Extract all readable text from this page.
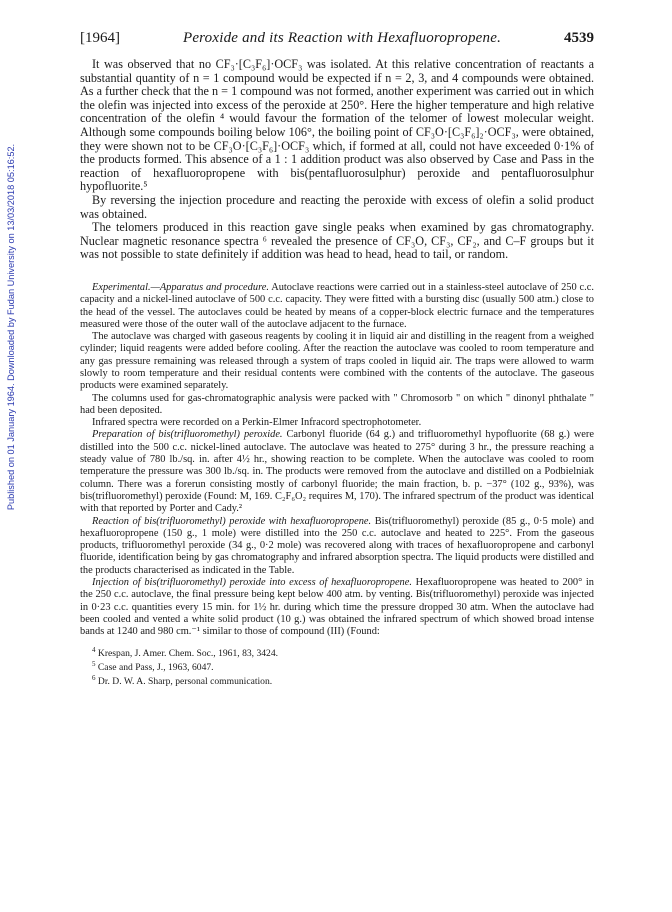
Published on 01 January 1964. Downloaded by Fudan University on 13/03/2018 05:16:52.
[1964]	Peroxide and its Reaction with Hexafluoropropene.	4539

It was observed that no CF₃·[C₃F₆]·OCF₃ was isolated. At this relative concentration of reactants a substantial quantity of n = 1 compound would be expected if n = 2, 3, and 4 compounds were obtained. As a further check that the n = 1 compound was not formed, another experiment was carried out in which the olefin was injected into excess of the peroxide at 250°. Here the higher temperature and high relative concentration of the olefin ⁴ would favour the formation of the telomer of lowest molecular weight. Although some compounds boiling below 106°, the boiling point of CF₃O·[C₃F₆]₂·OCF₃, were obtained, they were shown not to be CF₃O·[C₃F₆]·OCF₃ which, if formed at all, could not have exceeded 0·1% of the products formed. This absence of a 1 : 1 addition product was also observed by Case and Pass in the reaction of hexafluoropropene with bis(pentafluorosulphur) peroxide and pentafluorosulphur hypofluorite.⁵

By reversing the injection procedure and reacting the peroxide with excess of olefin a solid product was obtained.

The telomers produced in this reaction gave single peaks when examined by gas chromatography. Nuclear magnetic resonance spectra ⁶ revealed the presence of CF₃O, CF₃, CF₂, and C–F groups but it was not possible to state definitely if addition was head to head, head to tail, or random.

Experimental.—Apparatus and procedure. Autoclave reactions were carried out in a stainless-steel autoclave of 250 c.c. capacity and a nickel-lined autoclave of 500 c.c. capacity. They were fitted with a bursting disc (usually 500 atm.) close to the head of the vessel. The autoclaves could be heated by means of a copper-block electric furnace and the temperatures measured were those of the outer wall of the autoclave adjacent to the furnace.

The autoclave was charged with gaseous reagents by cooling it in liquid air and distilling in the reagent from a weighed cylinder; liquid reagents were added before cooling. After the reaction the autoclave was cooled to room temperature and any gas pressure remaining was released through a system of traps cooled in liquid air. The traps were allowed to warm slowly to room temperature and their residual contents were combined with the contents of the autoclave. The gaseous products were examined separately.

The columns used for gas-chromatographic analysis were packed with " Chromosorb " on which " dinonyl phthalate " had been deposited.

Infrared spectra were recorded on a Perkin-Elmer Infracord spectrophotometer.

Preparation of bis(trifluoromethyl) peroxide. Carbonyl fluoride (64 g.) and trifluoromethyl hypofluorite (68 g.) were distilled into the 500 c.c. nickel-lined autoclave. The autoclave was heated to 275° during 3 hr., the pressure reaching a steady value of 780 lb./sq. in. after 4½ hr., showing reaction to be complete. When the autoclave was cooled to room temperature the pressure was 300 lb./sq. in. The products were removed from the autoclave and distilled on a Podbielniak column. There was a forerun consisting mostly of carbonyl fluoride; the main fraction, b. p. −37° (102 g., 93%), was bis(trifluoromethyl) peroxide (Found: M, 169. C₂F₆O₂ requires M, 170). The infrared spectrum of the product was identical with that reported by Porter and Cady.²

Reaction of bis(trifluoromethyl) peroxide with hexafluoropropene. Bis(trifluoromethyl) peroxide (85 g., 0·5 mole) and hexafluoropropene (150 g., 1 mole) were distilled into the 250 c.c. autoclave and heated to 225°. From the gaseous products, trifluoromethyl peroxide (34 g., 0·2 mole) was recovered along with traces of hexafluoropropene and carbonyl fluoride, identification being by gas chromatography and infrared absorption spectra. The liquid products were distilled and the products characterised as indicated in the Table.

Injection of bis(trifluoromethyl) peroxide into excess of hexafluoropropene. Hexafluoropropene was heated to 200° in the 250 c.c. autoclave, the final pressure being kept below 400 atm. by venting. Bis(trifluoromethyl) peroxide was injected in 0·23 c.c. quantities every 15 min. for 1½ hr. during which time the pressure dropped 30 atm. When the autoclave had been cooled and vented a white solid product (10 g.) was obtained the infrared spectrum of which showed broad intense bands at 1240 and 980 cm.⁻¹ similar to those of compound (III) (Found:

$^4$ Krespan, J. Amer. Chem. Soc., 1961, 83, 3424.
$^5$ Case and Pass, J., 1963, 6047.
$^6$ Dr. D. W. A. Sharp, personal communication.
